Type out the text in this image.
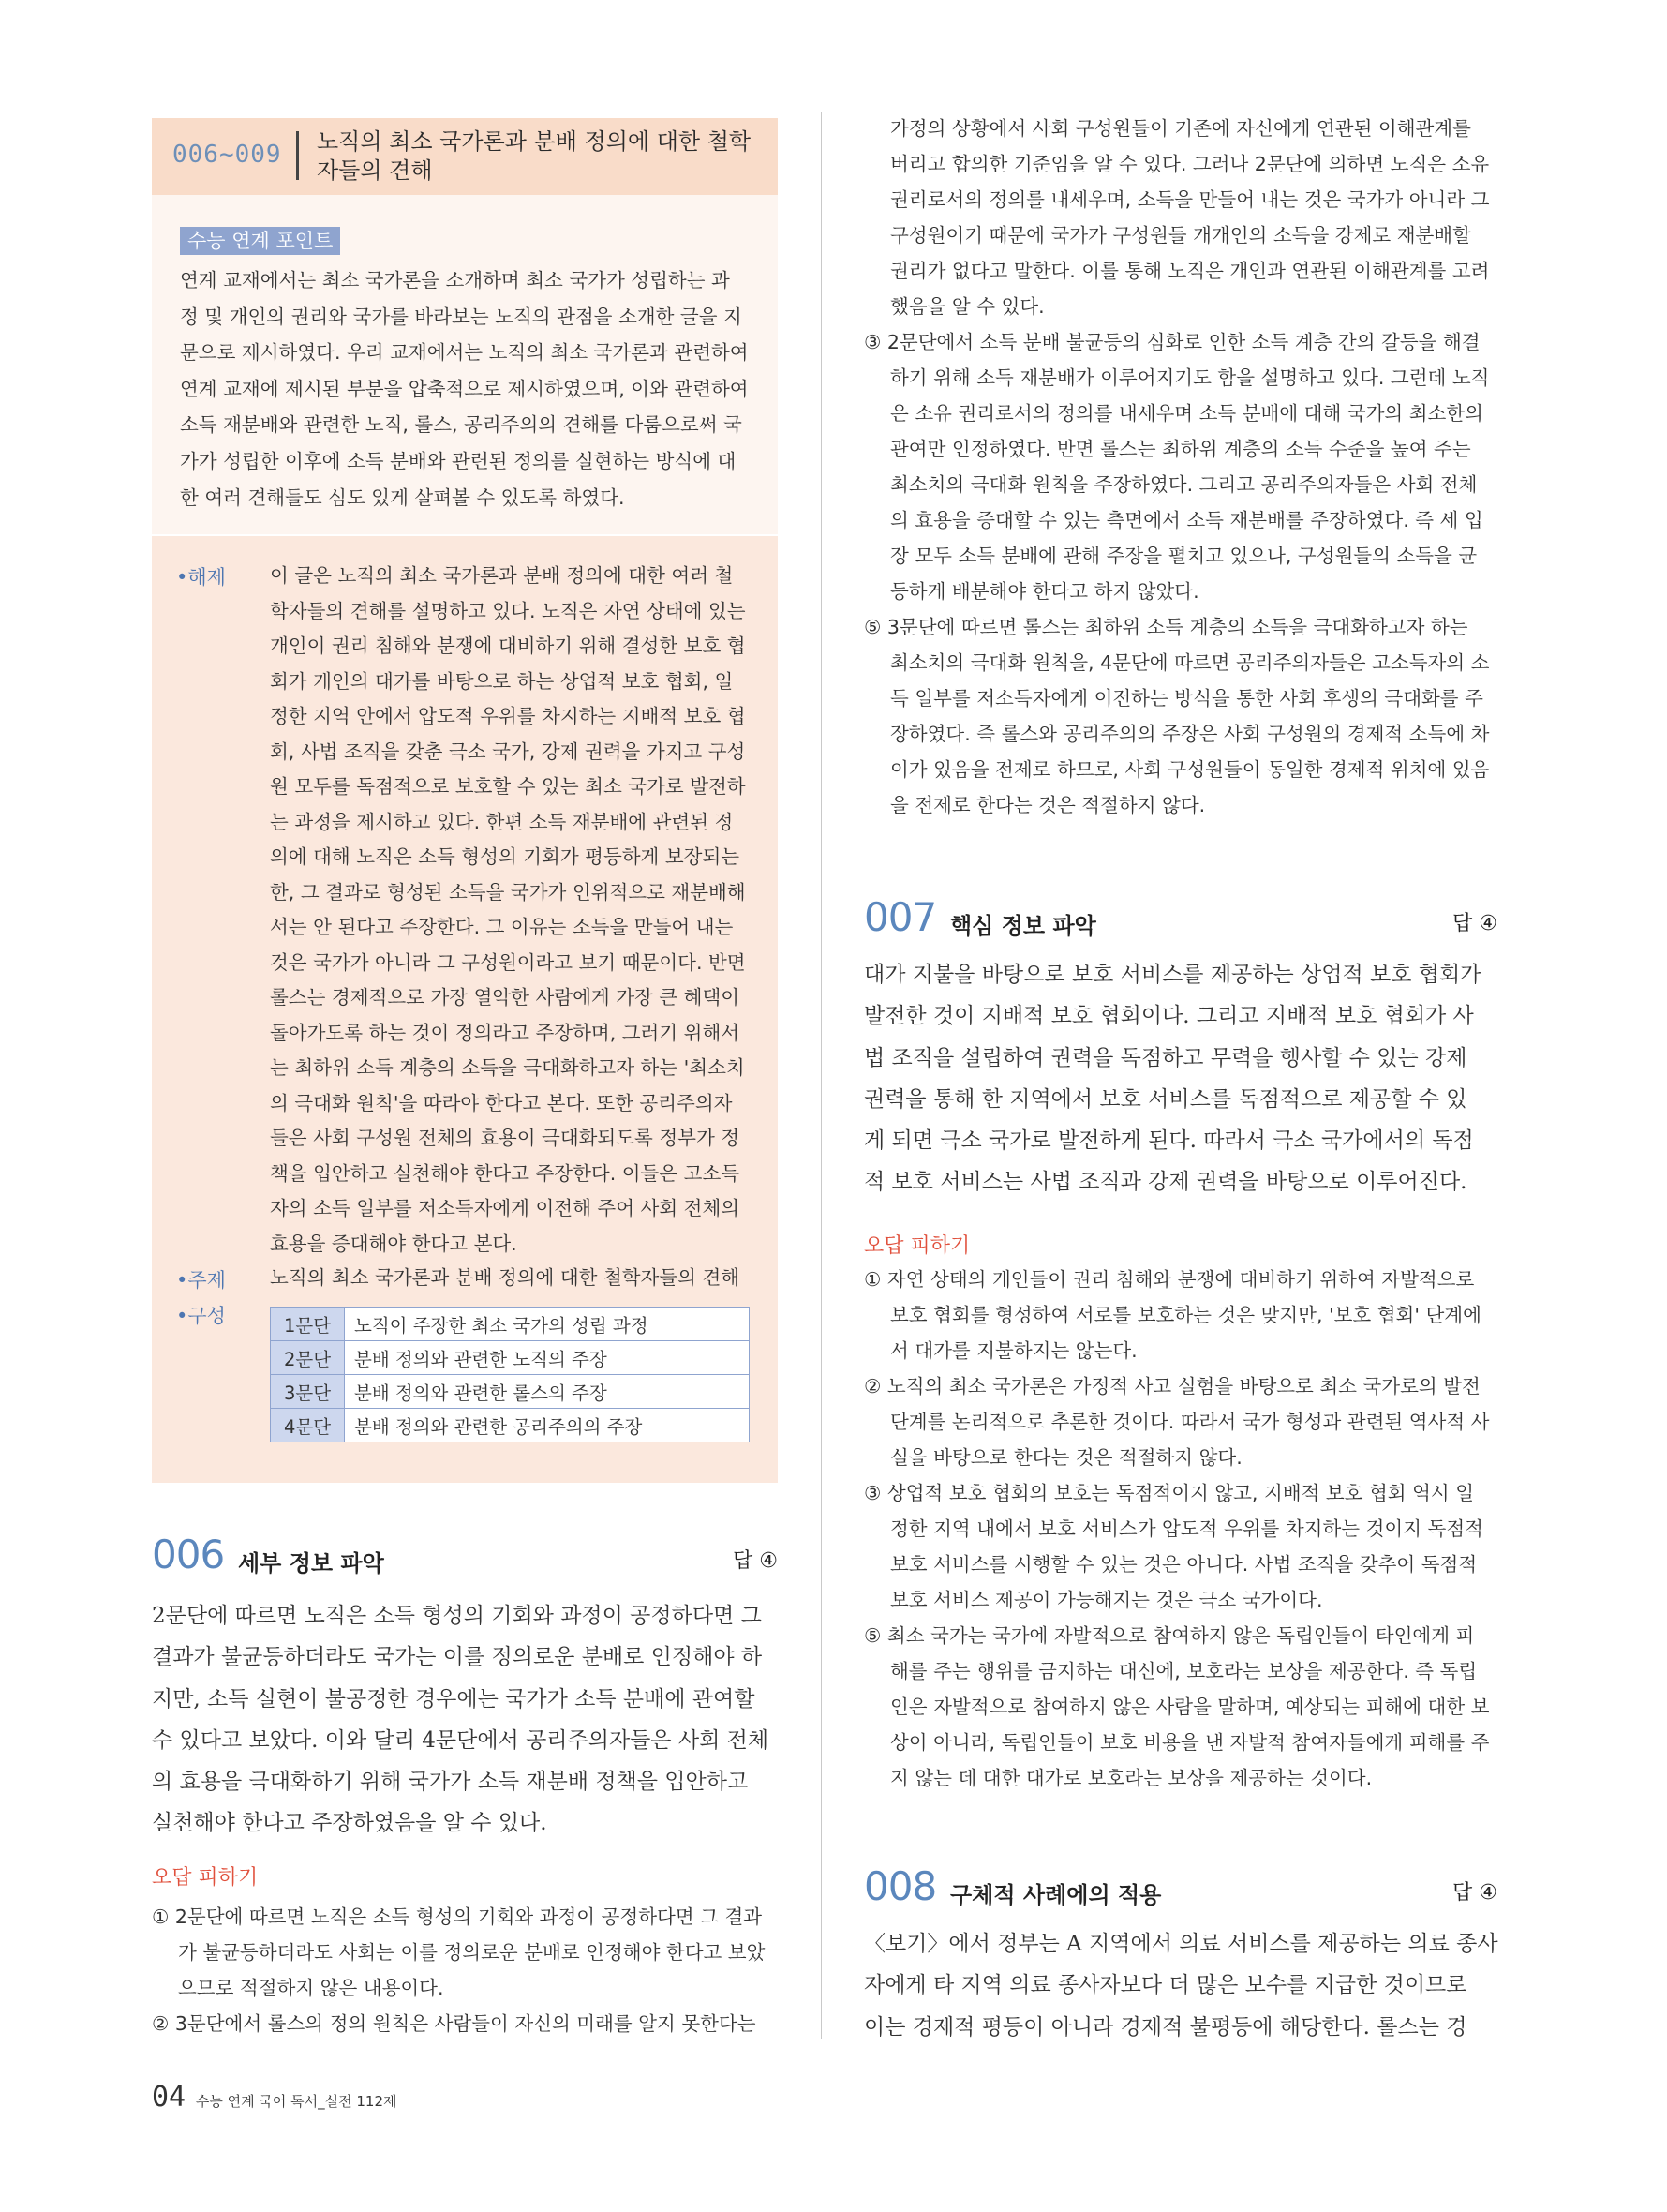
006~009 노직의 최소 국가론과 분배 정의에 대한 철학자들의 견해
수능 연계 포인트
연계 교재에서는 최소 국가론을 소개하며 최소 국가가 성립하는 과
정 및 개인의 권리와 국가를 바라보는 노직의 관점을 소개한 글을 지
문으로 제시하였다. 우리 교재에서는 노직의 최소 국가론과 관련하여
연계 교재에 제시된 부분을 압축적으로 제시하였으며, 이와 관련하여
소득 재분배와 관련한 노직, 롤스, 공리주의의 견해를 다룸으로써 국
가가 성립한 이후에 소득 분배와 관련된 정의를 실현하는 방식에 대
한 여러 견해들도 심도 있게 살펴볼 수 있도록 하였다.
•해제 이 글은 노직의 최소 국가론과 분배 정의에 대한 여러 철
학자들의 견해를 설명하고 있다. 노직은 자연 상태에 있는
개인이 권리 침해와 분쟁에 대비하기 위해 결성한 보호 협
회가 개인의 대가를 바탕으로 하는 상업적 보호 협회, 일
정한 지역 안에서 압도적 우위를 차지하는 지배적 보호 협
회, 사법 조직을 갖춘 극소 국가, 강제 권력을 가지고 구성
원 모두를 독점적으로 보호할 수 있는 최소 국가로 발전하
는 과정을 제시하고 있다. 한편 소득 재분배에 관련된 정
의에 대해 노직은 소득 형성의 기회가 평등하게 보장되는
한, 그 결과로 형성된 소득을 국가가 인위적으로 재분배해
서는 안 된다고 주장한다. 그 이유는 소득을 만들어 내는
것은 국가가 아니라 그 구성원이라고 보기 때문이다. 반면
롤스는 경제적으로 가장 열악한 사람에게 가장 큰 혜택이
돌아가도록 하는 것이 정의라고 주장하며, 그러기 위해서
는 최하위 소득 계층의 소득을 극대화하고자 하는 '최소치
의 극대화 원칙'을 따라야 한다고 본다. 또한 공리주의자
들은 사회 구성원 전체의 효용이 극대화되도록 정부가 정
책을 입안하고 실천해야 한다고 주장한다. 이들은 고소득
자의 소득 일부를 저소득자에게 이전해 주어 사회 전체의
효용을 증대해야 한다고 본다.
•주제 노직의 최소 국가론과 분배 정의에 대한 철학자들의 견해
•구성	1문단	노직이 주장한 최소 국가의 성립 과정
2문단	분배 정의와 관련한 노직의 주장
3문단	분배 정의와 관련한 롤스의 주장
4문단	분배 정의와 관련한 공리주의의 주장
006 세부 정보 파악	답 ④
2문단에 따르면 노직은 소득 형성의 기회와 과정이 공정하다면 그
결과가 불균등하더라도 국가는 이를 정의로운 분배로 인정해야 하
지만, 소득 실현이 불공정한 경우에는 국가가 소득 분배에 관여할
수 있다고 보았다. 이와 달리 4문단에서 공리주의자들은 사회 전체
의 효용을 극대화하기 위해 국가가 소득 재분배 정책을 입안하고
실천해야 한다고 주장하였음을 알 수 있다.
오답 피하기
① 2문단에 따르면 노직은 소득 형성의 기회와 과정이 공정하다면 그 결과
가 불균등하더라도 사회는 이를 정의로운 분배로 인정해야 한다고 보았
으므로 적절하지 않은 내용이다.
② 3문단에서 롤스의 정의 원칙은 사람들이 자신의 미래를 알지 못한다는
가정의 상황에서 사회 구성원들이 기존에 자신에게 연관된 이해관계를
버리고 합의한 기준임을 알 수 있다. 그러나 2문단에 의하면 노직은 소유
권리로서의 정의를 내세우며, 소득을 만들어 내는 것은 국가가 아니라 그
구성원이기 때문에 국가가 구성원들 개개인의 소득을 강제로 재분배할
권리가 없다고 말한다. 이를 통해 노직은 개인과 연관된 이해관계를 고려
했음을 알 수 있다.
③ 2문단에서 소득 분배 불균등의 심화로 인한 소득 계층 간의 갈등을 해결
하기 위해 소득 재분배가 이루어지기도 함을 설명하고 있다. 그런데 노직
은 소유 권리로서의 정의를 내세우며 소득 분배에 대해 국가의 최소한의
관여만 인정하였다. 반면 롤스는 최하위 계층의 소득 수준을 높여 주는
최소치의 극대화 원칙을 주장하였다. 그리고 공리주의자들은 사회 전체
의 효용을 증대할 수 있는 측면에서 소득 재분배를 주장하였다. 즉 세 입
장 모두 소득 분배에 관해 주장을 펼치고 있으나, 구성원들의 소득을 균
등하게 배분해야 한다고 하지 않았다.
⑤ 3문단에 따르면 롤스는 최하위 소득 계층의 소득을 극대화하고자 하는
최소치의 극대화 원칙을, 4문단에 따르면 공리주의자들은 고소득자의 소
득 일부를 저소득자에게 이전하는 방식을 통한 사회 후생의 극대화를 주
장하였다. 즉 롤스와 공리주의의 주장은 사회 구성원의 경제적 소득에 차
이가 있음을 전제로 하므로, 사회 구성원들이 동일한 경제적 위치에 있음
을 전제로 한다는 것은 적절하지 않다.
007 핵심 정보 파악	답 ④
대가 지불을 바탕으로 보호 서비스를 제공하는 상업적 보호 협회가
발전한 것이 지배적 보호 협회이다. 그리고 지배적 보호 협회가 사
법 조직을 설립하여 권력을 독점하고 무력을 행사할 수 있는 강제
권력을 통해 한 지역에서 보호 서비스를 독점적으로 제공할 수 있
게 되면 극소 국가로 발전하게 된다. 따라서 극소 국가에서의 독점
적 보호 서비스는 사법 조직과 강제 권력을 바탕으로 이루어진다.
오답 피하기
① 자연 상태의 개인들이 권리 침해와 분쟁에 대비하기 위하여 자발적으로
보호 협회를 형성하여 서로를 보호하는 것은 맞지만, '보호 협회' 단계에
서 대가를 지불하지는 않는다.
② 노직의 최소 국가론은 가정적 사고 실험을 바탕으로 최소 국가로의 발전
단계를 논리적으로 추론한 것이다. 따라서 국가 형성과 관련된 역사적 사
실을 바탕으로 한다는 것은 적절하지 않다.
③ 상업적 보호 협회의 보호는 독점적이지 않고, 지배적 보호 협회 역시 일
정한 지역 내에서 보호 서비스가 압도적 우위를 차지하는 것이지 독점적
보호 서비스를 시행할 수 있는 것은 아니다. 사법 조직을 갖추어 독점적
보호 서비스 제공이 가능해지는 것은 극소 국가이다.
⑤ 최소 국가는 국가에 자발적으로 참여하지 않은 독립인들이 타인에게 피
해를 주는 행위를 금지하는 대신에, 보호라는 보상을 제공한다. 즉 독립
인은 자발적으로 참여하지 않은 사람을 말하며, 예상되는 피해에 대한 보
상이 아니라, 독립인들이 보호 비용을 낸 자발적 참여자들에게 피해를 주
지 않는 데 대한 대가로 보호라는 보상을 제공하는 것이다.
008 구체적 사례에의 적용	답 ④
〈보기〉에서 정부는 A 지역에서 의료 서비스를 제공하는 의료 종사
자에게 타 지역 의료 종사자보다 더 많은 보수를 지급한 것이므로
이는 경제적 평등이 아니라 경제적 불평등에 해당한다. 롤스는 경
04 수능 연계 국어 독서_실전 112제
